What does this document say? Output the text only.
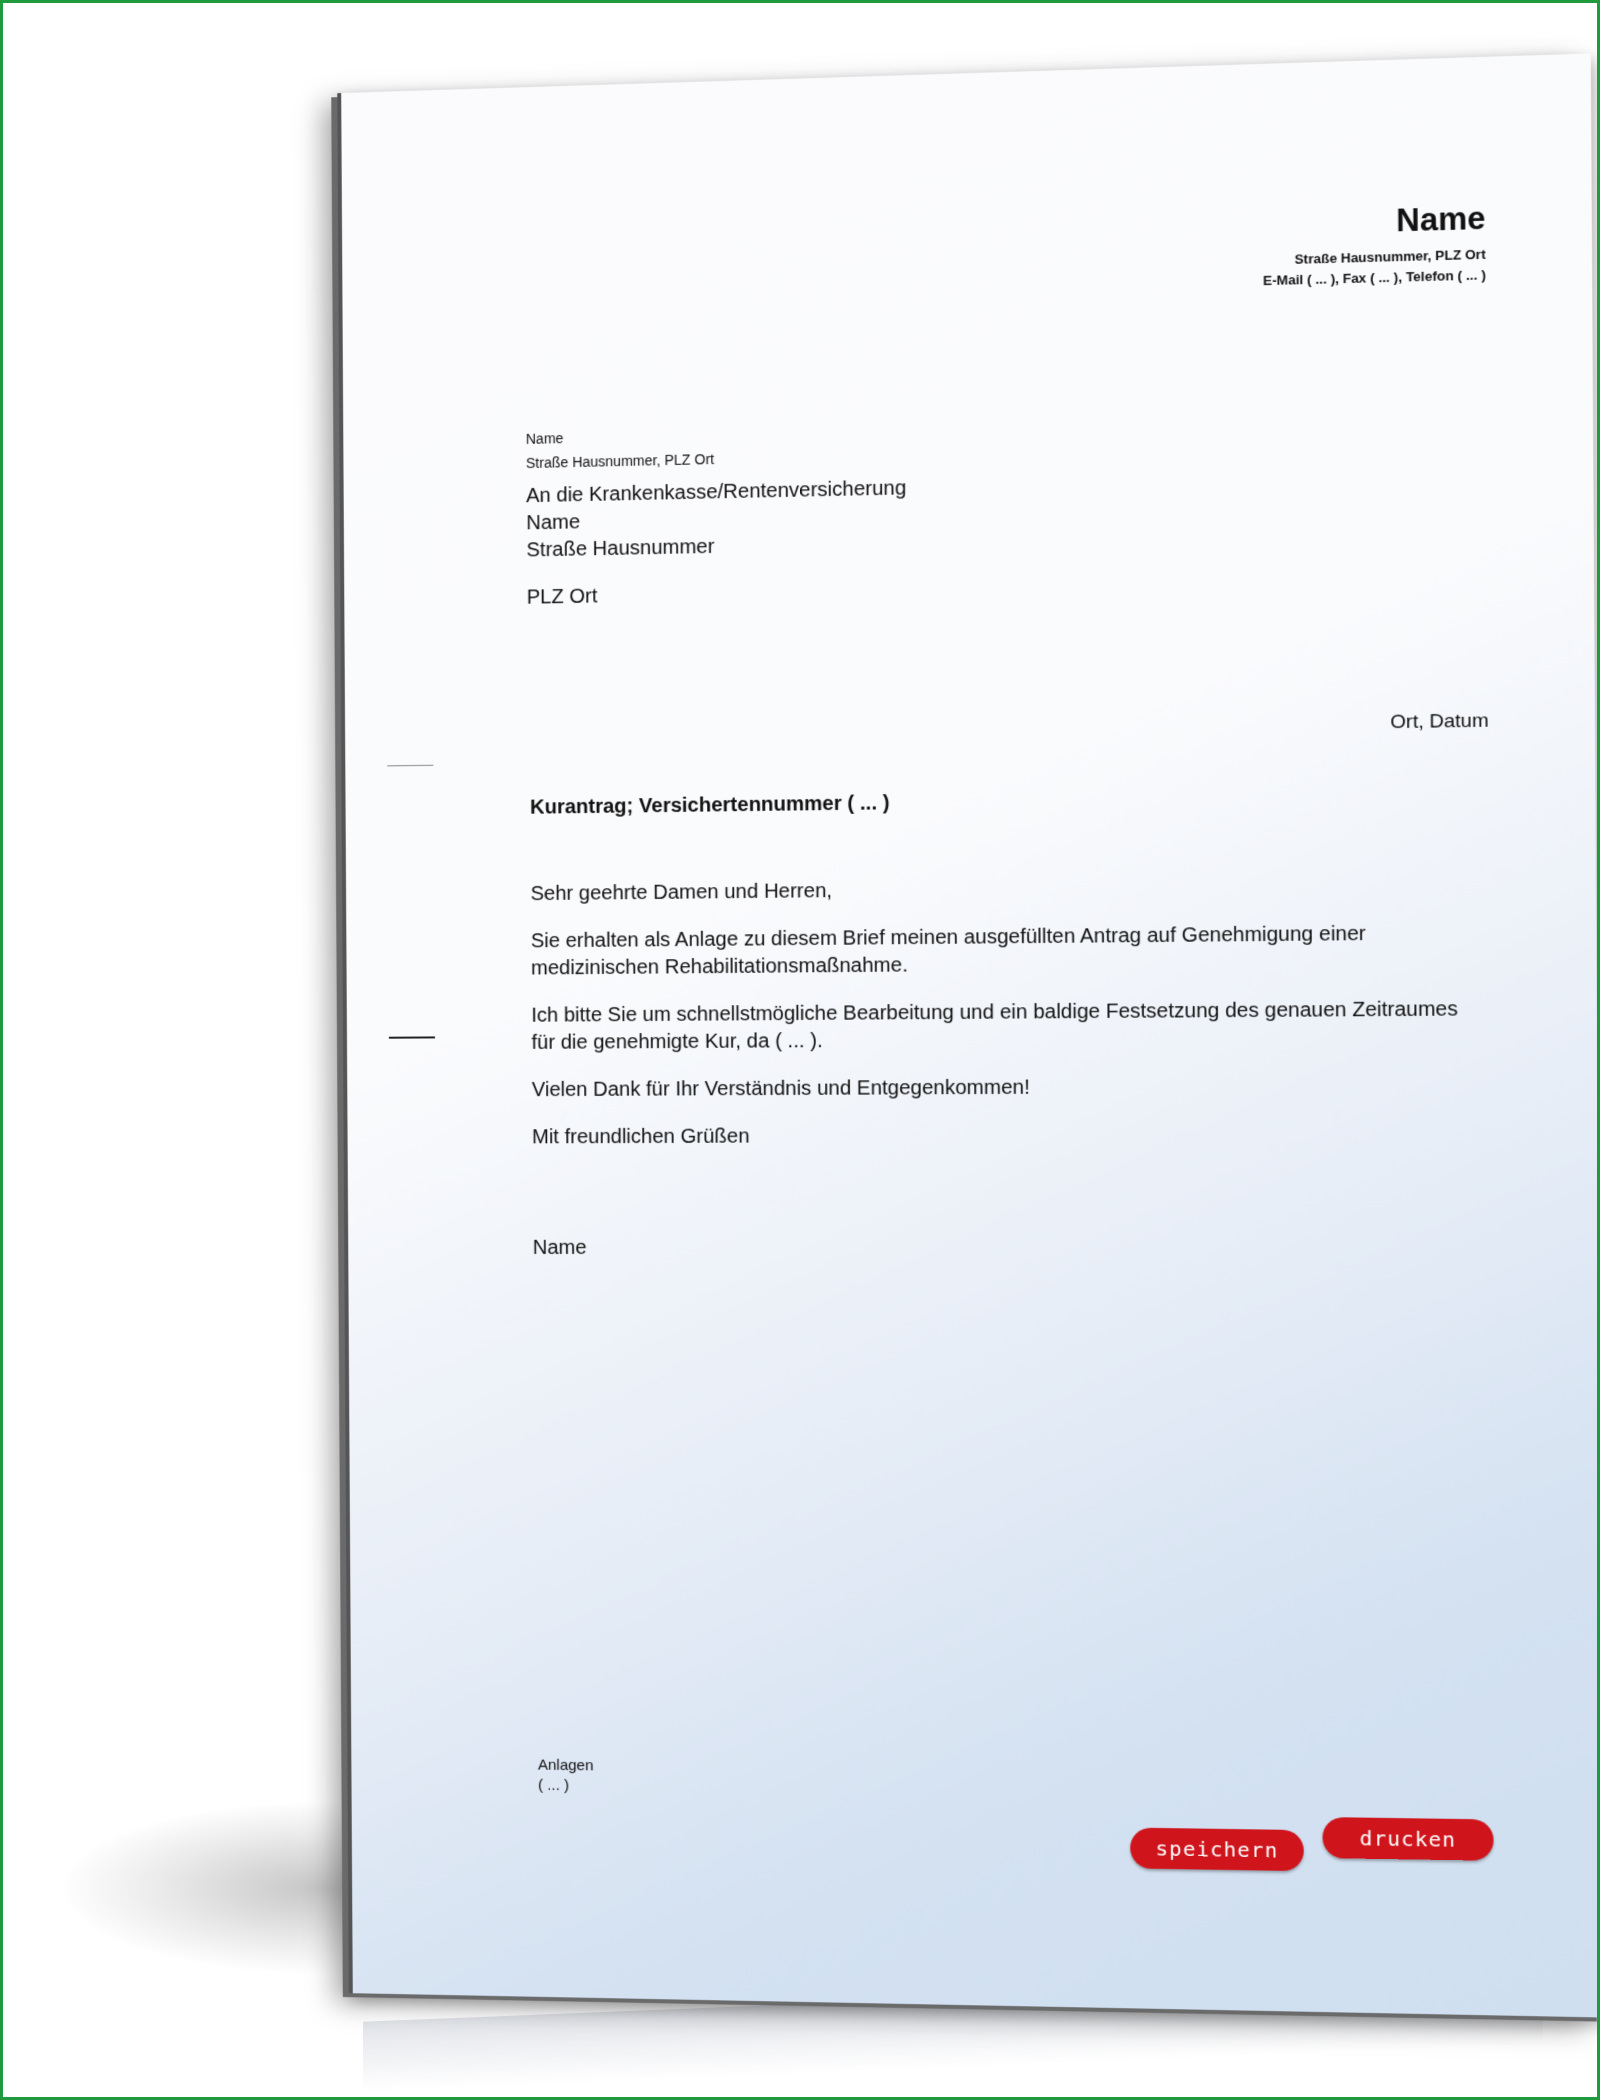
Name
Straße Hausnummer, PLZ Ort
E-Mail ( ... ), Fax ( ... ), Telefon ( ... )
Name
Straße Hausnummer, PLZ Ort
An die Krankenkasse/Rentenversicherung
Name
Straße Hausnummer
PLZ Ort
Ort, Datum
Kurantrag; Versichertennummer ( ... )

Sehr geehrte Damen und Herren,

Sie erhalten als Anlage zu diesem Brief meinen ausgefüllten Antrag auf Genehmigung einer medizinischen Rehabilitationsmaßnahme.

Ich bitte Sie um schnellstmögliche Bearbeitung und ein baldige Festsetzung des genauen Zeitraumes für die genehmigte Kur, da ( ... ).

Vielen Dank für Ihr Verständnis und Entgegenkommen!

Mit freundlichen Grüßen

Name
Anlagen
( ... )
speichern	drucken
